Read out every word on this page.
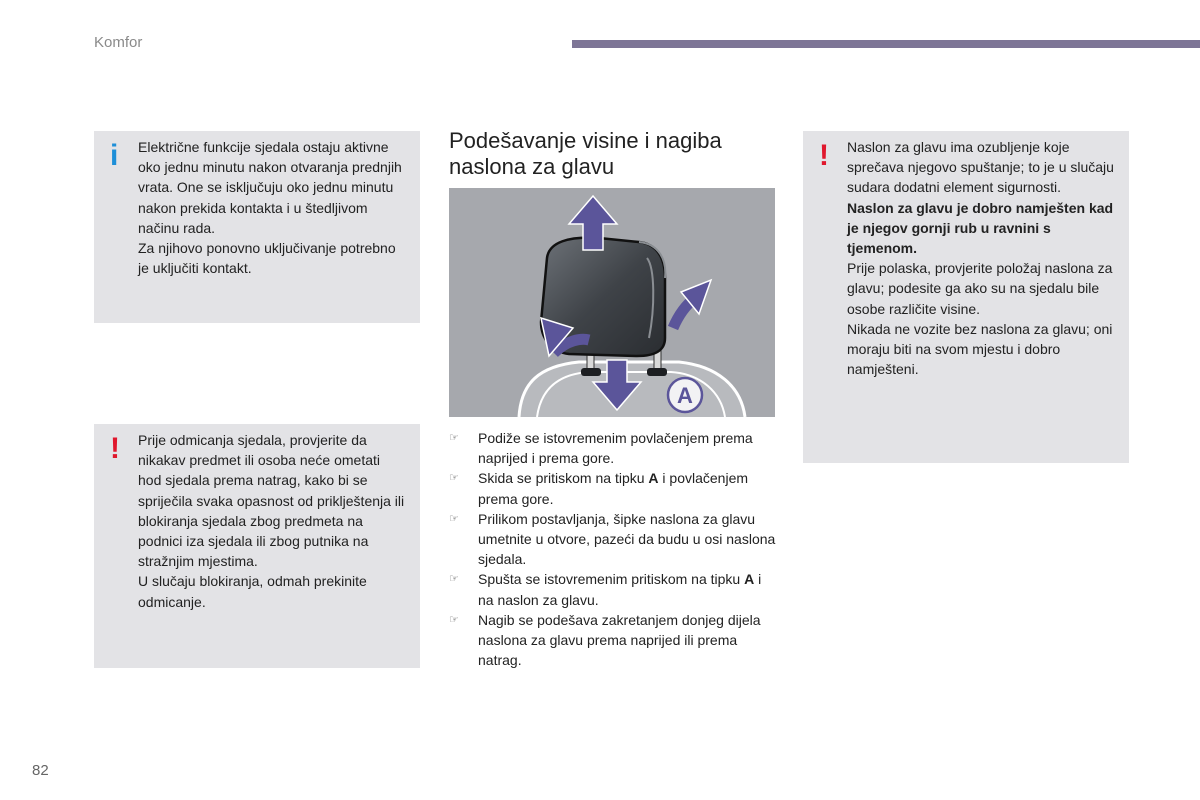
Komfor
i Električne funkcije sjedala ostaju aktivne oko jednu minutu nakon otvaranja prednjih vrata. One se isključuju oko jednu minutu nakon prekida kontakta i u štedljivom načinu rada.

Za njihovo ponovno uključivanje potrebno je uključiti kontakt.

! Prije odmicanja sjedala, provjerite da nikakav predmet ili osoba neće ometati hod sjedala prema natrag, kako bi se spriječila svaka opasnost od priklještenja ili blokiranja sjedala zbog predmeta na podnici iza sjedala ili zbog putnika na stražnjim mjestima.

U slučaju blokiranja, odmah prekinite odmicanje.

Podešavanje visine i nagiba
naslona za glavu
A
☞ Podiže se istovremenim povlačenjem prema naprijed i prema gore.
☞ Skida se pritiskom na tipku A i povlačenjem prema gore.
☞ Prilikom postavljanja, šipke naslona za glavu umetnite u otvore, pazeći da budu u osi naslona sjedala.
☞ Spušta se istovremenim pritiskom na tipku A i na naslon za glavu.
☞ Nagib se podešava zakretanjem donjeg dijela naslona za glavu prema naprijed ili prema natrag.
! Naslon za glavu ima ozubljenje koje sprečava njegovo spuštanje; to je u slučaju sudara dodatni element sigurnosti.

Naslon za glavu je dobro namješten kad je njegov gornji rub u ravnini s tjemenom.

Prije polaska, provjerite položaj naslona za glavu; podesite ga ako su na sjedalu bile osobe različite visine.

Nikada ne vozite bez naslona za glavu; oni moraju biti na svom mjestu i dobro namješteni.

82
